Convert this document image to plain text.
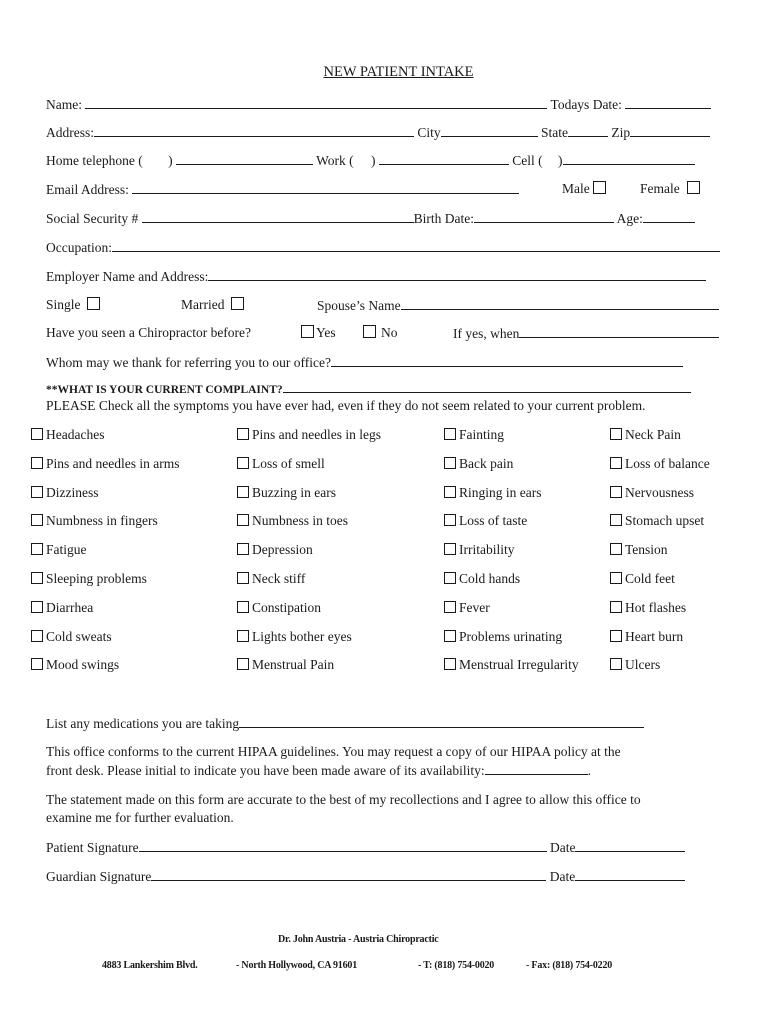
NEW PATIENT INTAKE
Name:	Todays Date:
Address:	City	State	Zip
Home telephone ( )	Work ( )	Cell ( )
Email Address:	Male	Female
Social Security #	Birth Date:	Age:
Occupation:
Employer Name and Address:
Single	Married	Spouse’s Name
Have you seen a Chiropractor before?	Yes	No	If yes, when
Whom may we thank for referring you to our office?
**WHAT IS YOUR CURRENT COMPLAINT?
PLEASE Check all the symptoms you have ever had, even if they do not seem related to your current problem.
Headaches	Pins and needles in legs	Fainting	Neck Pain
Pins and needles in arms	Loss of smell	Back pain	Loss of balance
Dizziness	Buzzing in ears	Ringing in ears	Nervousness
Numbness in fingers	Numbness in toes	Loss of taste	Stomach upset
Fatigue	Depression	Irritability	Tension
Sleeping problems	Neck stiff	Cold hands	Cold feet
Diarrhea	Constipation	Fever	Hot flashes
Cold sweats	Lights bother eyes	Problems urinating	Heart burn
Mood swings	Menstrual Pain	Menstrual Irregularity	Ulcers
List any medications you are taking
This office conforms to the current HIPAA guidelines. You may request a copy of our HIPAA policy at the
front desk. Please initial to indicate you have been made aware of its availability:	.
The statement made on this form are accurate to the best of my recollections and I agree to allow this office to
examine me for further evaluation.
Patient Signature	Date
Guardian Signature	Date
Dr. John Austria - Austria Chiropractic
4883 Lankershim Blvd.	- North Hollywood, CA 91601	- T: (818) 754-0020	- Fax: (818) 754-0220
